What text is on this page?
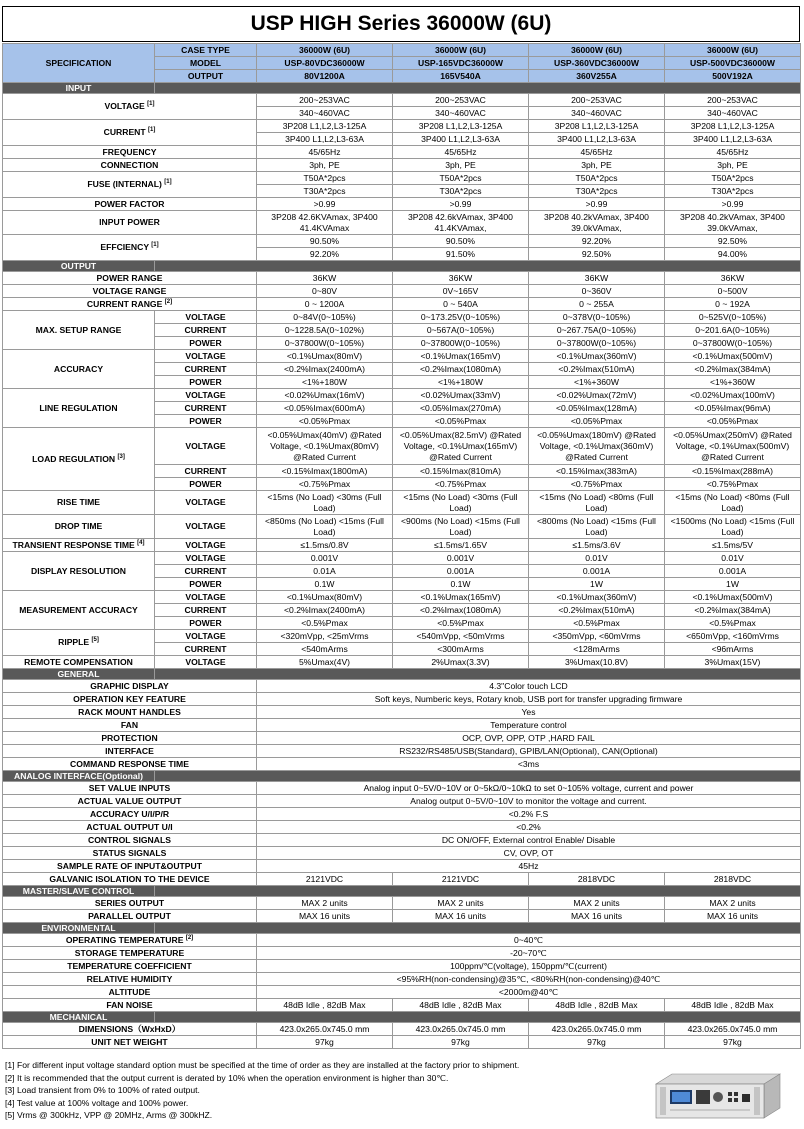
USP HIGH Series 36000W (6U)
SPECIFICATION	CASE TYPE	36000W (6U)	36000W (6U)	36000W (6U)	36000W (6U)
	MODEL	USP-80VDC36000W	USP-165VDC36000W	USP-360VDC36000W	USP-500VDC36000W
	OUTPUT	80V1200A	165V540A	360V255A	500V192A
INPUT					
VOLTAGE [1]		200~253VAC	200~253VAC	200~253VAC	200~253VAC
		340~460VAC	340~460VAC	340~460VAC	340~460VAC
CURRENT [1]		3P208 L1,L2,L3-125A	3P208 L1,L2,L3-125A	3P208 L1,L2,L3-125A	3P208 L1,L2,L3-125A
		3P400 L1,L2,L3-63A	3P400 L1,L2,L3-63A	3P400 L1,L2,L3-63A	3P400 L1,L2,L3-63A
FREQUENCY		45/65Hz	45/65Hz	45/65Hz	45/65Hz
CONNECTION		3ph, PE	3ph, PE	3ph, PE	3ph, PE
FUSE (INTERNAL) [1]		T50A*2pcs	T50A*2pcs	T50A*2pcs	T50A*2pcs
		T30A*2pcs	T30A*2pcs	T30A*2pcs	T30A*2pcs
POWER FACTOR		>0.99	>0.99	>0.99	>0.99
INPUT POWER		3P208 42.6KVAmax, 3P400 41.4KVAmax	3P208 42.6kVAmax, 3P400 41.4KVAmax,	3P208 40.2kVAmax, 3P400 39.0kVAmax,	3P208 40.2kVAmax, 3P400 39.0kVAmax,
EFFCIENCY [1]		90.50%	90.50%	92.20%	92.50%
		92.20%	91.50%	92.50%	94.00%
OUTPUT					
POWER RANGE		36KW	36KW	36KW	36KW
VOLTAGE RANGE		0~80V	0V~165V	0~360V	0~500V
CURRENT RANGE [2]		0 ~ 1200A	0 ~ 540A	0 ~ 255A	0 ~ 192A
MAX. SETUP RANGE	VOLTAGE	0~84V(0~105%)	0~173.25V(0~105%)	0~378V(0~105%)	0~525V(0~105%)
	CURRENT	0~1228.5A(0~102%)	0~567A(0~105%)	0~267.75A(0~105%)	0~201.6A(0~105%)
	POWER	0~37800W(0~105%)	0~37800W(0~105%)	0~37800W(0~105%)	0~37800W(0~105%)
ACCURACY	VOLTAGE	<0.1%Umax(80mV)	<0.1%Umax(165mV)	<0.1%Umax(360mV)	<0.1%Umax(500mV)
	CURRENT	<0.2%Imax(2400mA)	<0.2%Imax(1080mA)	<0.2%Imax(510mA)	<0.2%Imax(384mA)
	POWER	<1%+180W	<1%+180W	<1%+360W	<1%+360W
LINE REGULATION	VOLTAGE	<0.02%Umax(16mV)	<0.02%Umax(33mV)	<0.02%Umax(72mV)	<0.02%Umax(100mV)
	CURRENT	<0.05%Imax(600mA)	<0.05%Imax(270mA)	<0.05%Imax(128mA)	<0.05%Imax(96mA)
	POWER	<0.05%Pmax	<0.05%Pmax	<0.05%Pmax	<0.05%Pmax
LOAD REGULATION [3]	VOLTAGE	<0.05%Umax(40mV) @Rated Voltage, <0.1%Umax(80mV) @Rated Current	<0.05%Umax(82.5mV) @Rated Voltage, <0.1%Umax(165mV) @Rated Current	<0.05%Umax(180mV) @Rated Voltage, <0.1%Umax(360mV) @Rated Current	<0.05%Umax(250mV) @Rated Voltage, <0.1%Umax(500mV) @Rated Current
	CURRENT	<0.15%Imax(1800mA)	<0.15%Imax(810mA)	<0.15%Imax(383mA)	<0.15%Imax(288mA)
	POWER	<0.75%Pmax	<0.75%Pmax	<0.75%Pmax	<0.75%Pmax
RISE TIME	VOLTAGE	<15ms (No Load) <30ms (Full Load)	<15ms (No Load) <30ms (Full Load)	<15ms (No Load) <80ms (Full Load)	<15ms (No Load) <80ms (Full Load)
DROP TIME	VOLTAGE	<850ms (No Load) <15ms (Full Load)	<900ms (No Load) <15ms (Full Load)	<800ms (No Load) <15ms (Full Load)	<1500ms (No Load) <15ms (Full Load)
TRANSIENT RESPONSE TIME [4]	VOLTAGE	≤1.5ms/0.8V	≤1.5ms/1.65V	≤1.5ms/3.6V	≤1.5ms/5V
DISPLAY RESOLUTION	VOLTAGE	0.001V	0.001V	0.01V	0.01V
	CURRENT	0.01A	0.001A	0.001A	0.001A
	POWER	0.1W	0.1W	1W	1W
MEASUREMENT ACCURACY	VOLTAGE	<0.1%Umax(80mV)	<0.1%Umax(165mV)	<0.1%Umax(360mV)	<0.1%Umax(500mV)
	CURRENT	<0.2%Imax(2400mA)	<0.2%Imax(1080mA)	<0.2%Imax(510mA)	<0.2%Imax(384mA)
	POWER	<0.5%Pmax	<0.5%Pmax	<0.5%Pmax	<0.5%Pmax
RIPPLE [5]	VOLTAGE	<320mVpp, <25mVrms	<540mVpp, <50mVrms	<350mVpp, <60mVrms	<650mVpp, <160mVrms
	CURRENT	<540mArms	<300mArms	<128mArms	<96mArms
REMOTE COMPENSATION	VOLTAGE	5%Umax(4V)	2%Umax(3.3V)	3%Umax(10.8V)	3%Umax(15V)
GENERAL					
GRAPHIC DISPLAY		4.3"Color touch LCD			
OPERATION KEY FEATURE		Soft keys, Numberic keys, Rotary knob, USB port for transfer upgrading firmware			
RACK MOUNT HANDLES		Yes			
FAN		Temperature control			
PROTECTION		OCP, OVP, OPP, OTP ,HARD FAIL			
INTERFACE		RS232/RS485/USB(Standard), GPIB/LAN(Optional), CAN(Optional)			
COMMAND RESPONSE TIME		<3ms			
ANALOG INTERFACE(Optional)					
SET VALUE INPUTS		Analog input 0~5V/0~10V or 0~5kΩ/0~10kΩ to set 0~105% voltage, current and power			
ACTUAL VALUE OUTPUT		Analog output 0~5V/0~10V to monitor the voltage and current.			
ACCURACY U/I/P/R		<0.2% F.S			
ACTUAL OUTPUT U/I		<0.2%			
CONTROL SIGNALS		DC ON/OFF, External control Enable/ Disable			
STATUS SIGNALS		CV, OVP, OT			
SAMPLE RATE OF INPUT&OUTPUT		45Hz			
GALVANIC ISOLATION TO THE DEVICE		2121VDC	2121VDC	2818VDC	2818VDC
MASTER/SLAVE CONTROL					
SERIES OUTPUT		MAX 2 units	MAX 2 units	MAX 2 units	MAX 2 units
PARALLEL OUTPUT		MAX 16 units	MAX 16 units	MAX 16 units	MAX 16 units
ENVIRONMENTAL					
OPERATING TEMPERATURE [2]		0~40℃			
STORAGE TEMPERATURE		-20~70℃			
TEMPERATURE COEFFICIENT		100ppm/℃(voltage), 150ppm/℃(current)			
RELATIVE HUMIDITY		<95%RH(non-condensing)@35℃, <80%RH(non-condensing)@40℃			
ALTITUDE		<2000m@40℃			
FAN NOISE		48dB Idle , 82dB Max	48dB Idle , 82dB Max	48dB Idle , 82dB Max	48dB Idle , 82dB Max
MECHANICAL					
DIMENSIONS（WxHxD）		423.0x265.0x745.0 mm	423.0x265.0x745.0 mm	423.0x265.0x745.0 mm	423.0x265.0x745.0 mm
UNIT NET WEIGHT		97kg	97kg	97kg	97kg
[1] For different input voltage standard option must be specified at the time of order as they are installed at the factory prior to shipment.
[2] It is recommended that the output current is derated by 10% when the operation environment is higher than 30℃.
[3] Load transient from 0% to 100% of rated output.
[4] Test value at 100% voltage and 100% power.
[5] Vrms @ 300kHz, VPP @ 20MHz, Arms @ 300kHZ.
